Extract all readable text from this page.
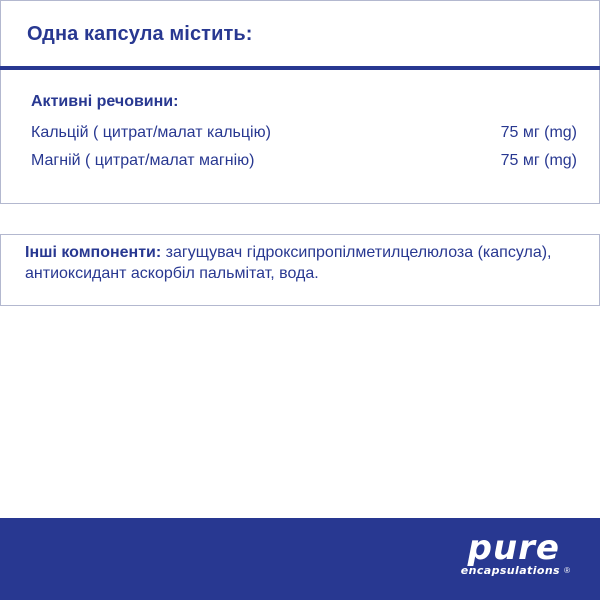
Одна капсула містить:
Активні речовини:
Кальцій ( цитрат/малат кальцію)	75 мг (mg)
Магній ( цитрат/малат магнію)	75 мг (mg)
Інші компоненти: загущувач гідроксипропілметилцелюлоза (капсула), антиоксидант аскорбіл пальмітат, вода.
pure
encapsulations ®
